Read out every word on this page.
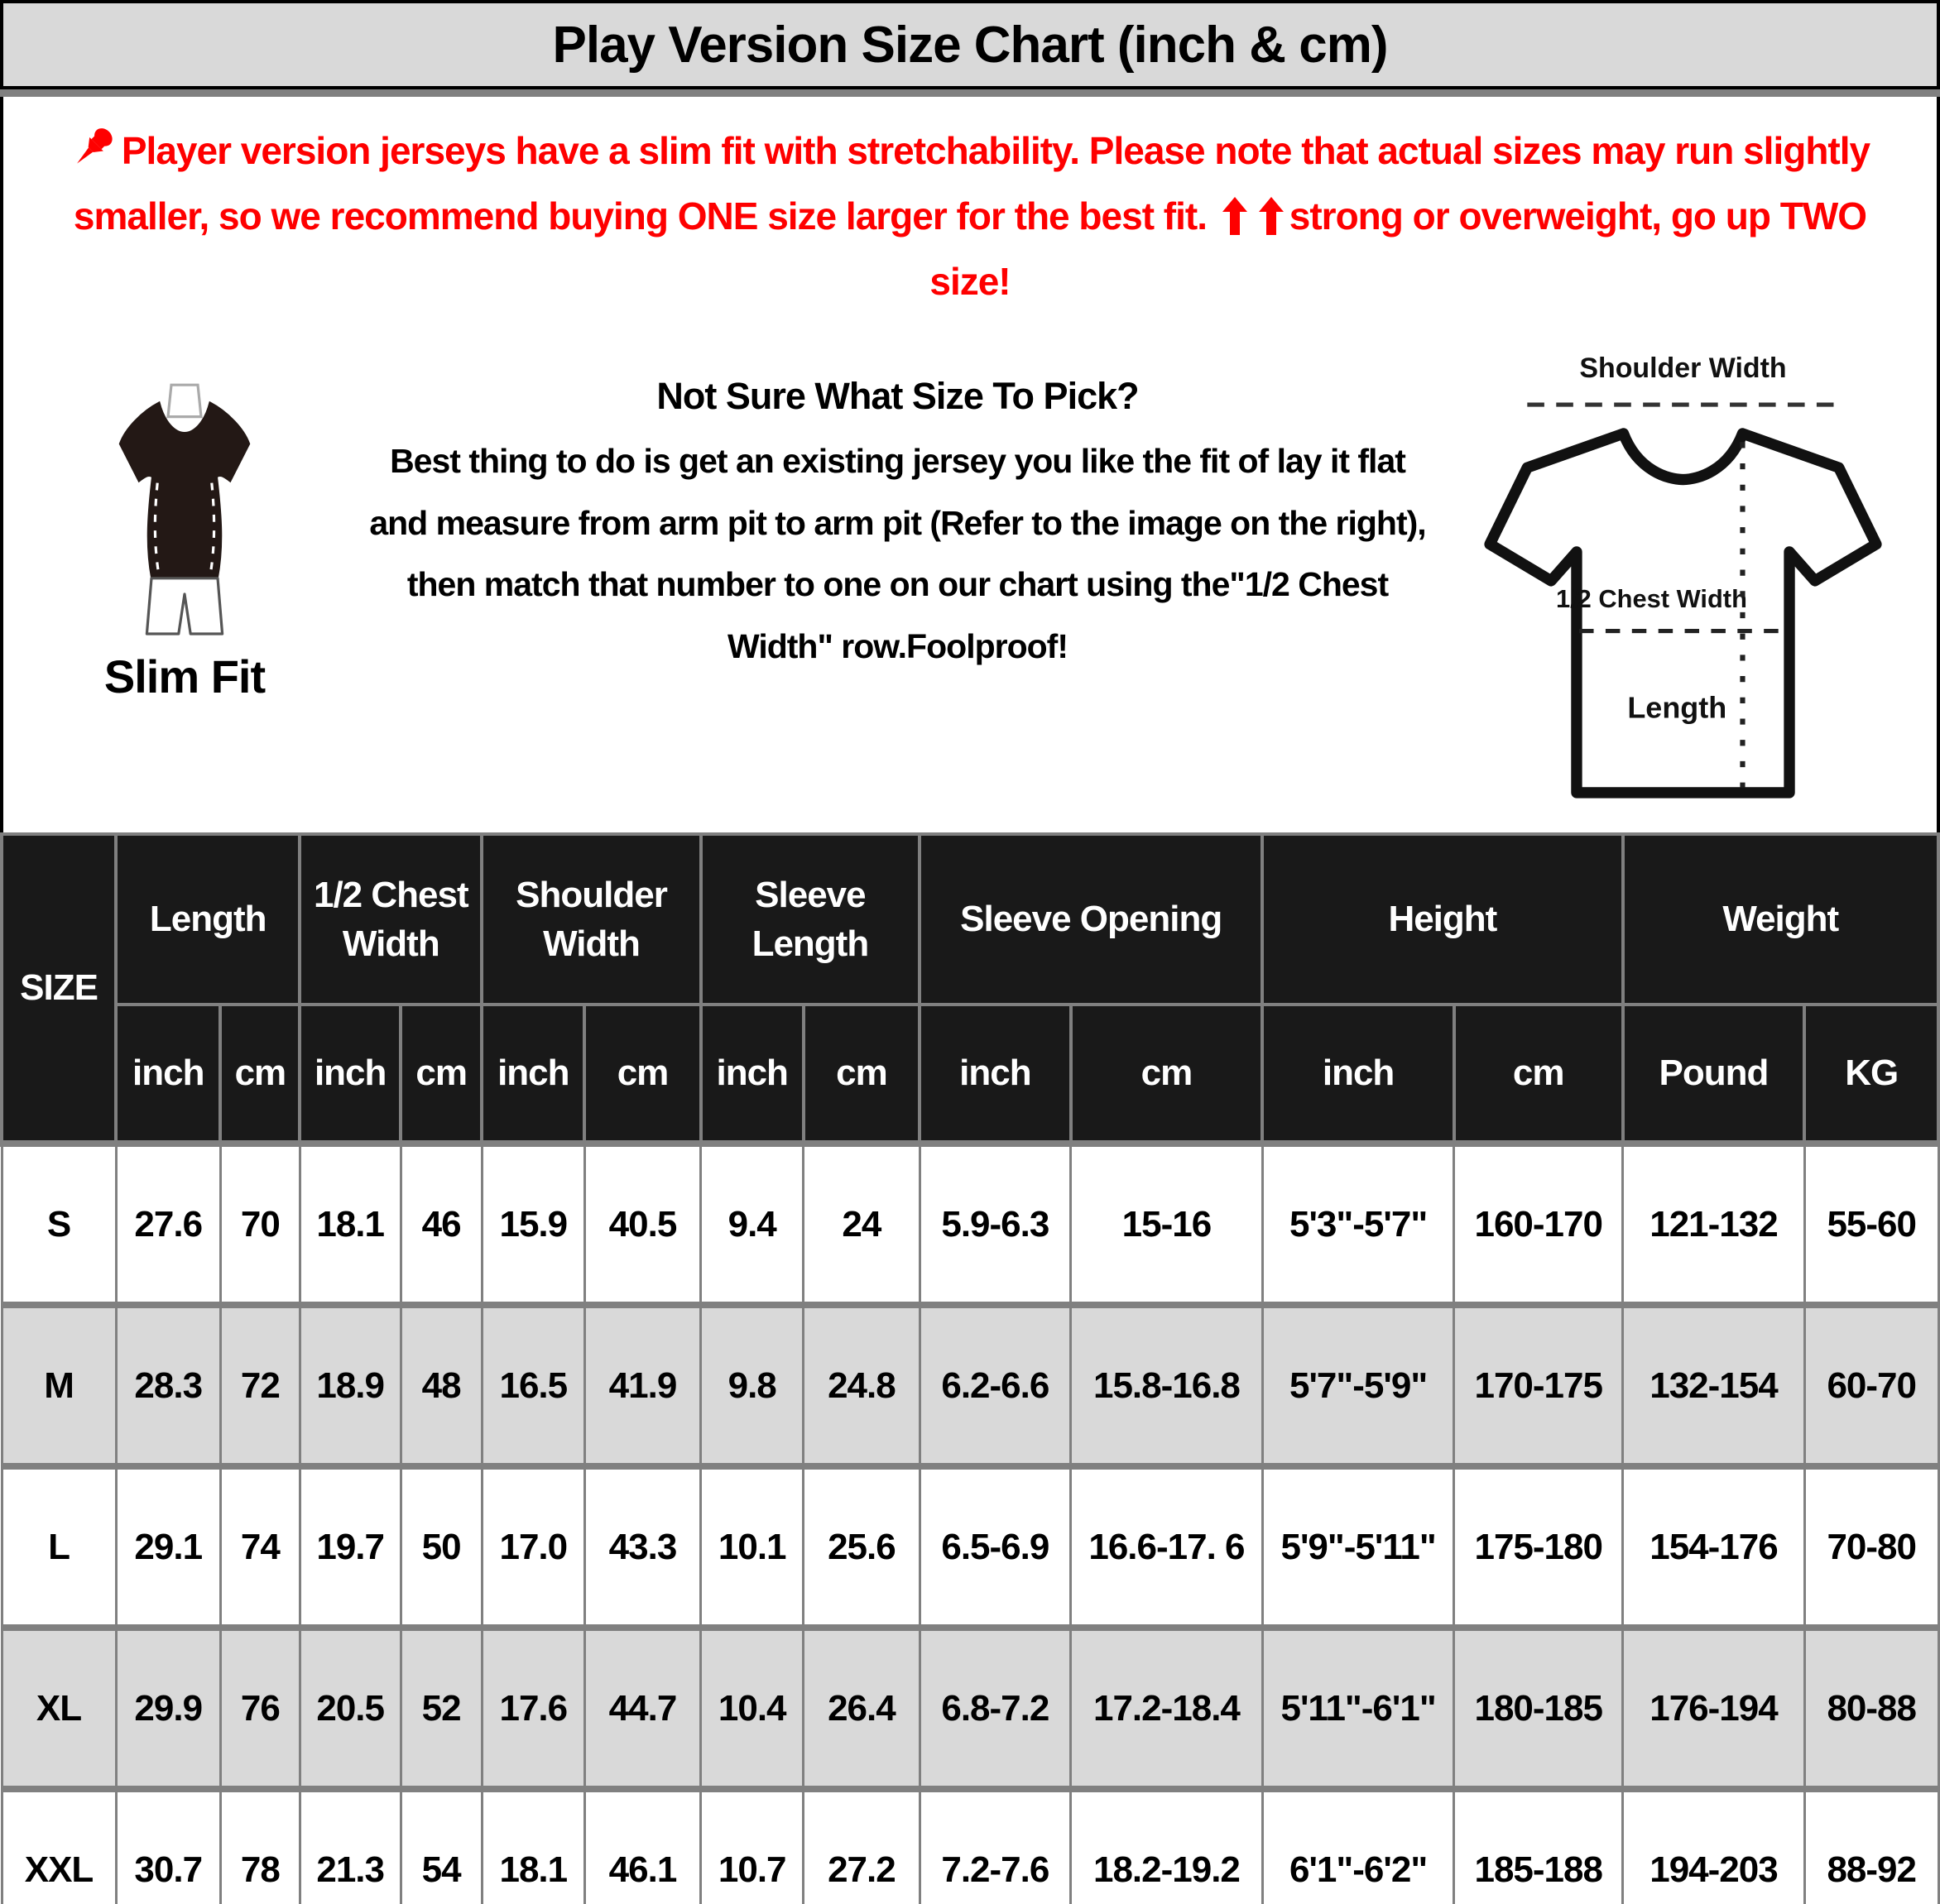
Play Version Size Chart (inch & cm)
Player version jerseys have a slim fit with stretchability. Please note that actual sizes may run slightly smaller, so we recommend buying ONE size larger for the best fit. strong or overweight, go up TWO size!
Slim Fit
Not Sure What Size To Pick?
Best thing to do is get an existing jersey you like the fit of lay it flat and measure from arm pit to arm pit (Refer to the image on the right), then match that number to one on our chart using the"1/2 Chest Width" row.Foolproof!
Shoulder Width
1/2 Chest Width
Length
SIZE	Length		1/2 Chest Width		Shoulder Width		Sleeve Length		Sleeve Opening		Height		Weight	
	inch	cm	inch	cm	inch	cm	inch	cm	inch	cm	inch	cm	Pound	KG
S	27.6	70	18.1	46	15.9	40.5	9.4	24	5.9-6.3	15-16	5'3"-5'7"	160-170	121-132	55-60
M	28.3	72	18.9	48	16.5	41.9	9.8	24.8	6.2-6.6	15.8-16.8	5'7"-5'9"	170-175	132-154	60-70
L	29.1	74	19.7	50	17.0	43.3	10.1	25.6	6.5-6.9	16.6-17. 6	5'9"-5'11"	175-180	154-176	70-80
XL	29.9	76	20.5	52	17.6	44.7	10.4	26.4	6.8-7.2	17.2-18.4	5'11"-6'1"	180-185	176-194	80-88
XXL	30.7	78	21.3	54	18.1	46.1	10.7	27.2	7.2-7.6	18.2-19.2	6'1"-6'2"	185-188	194-203	88-92
